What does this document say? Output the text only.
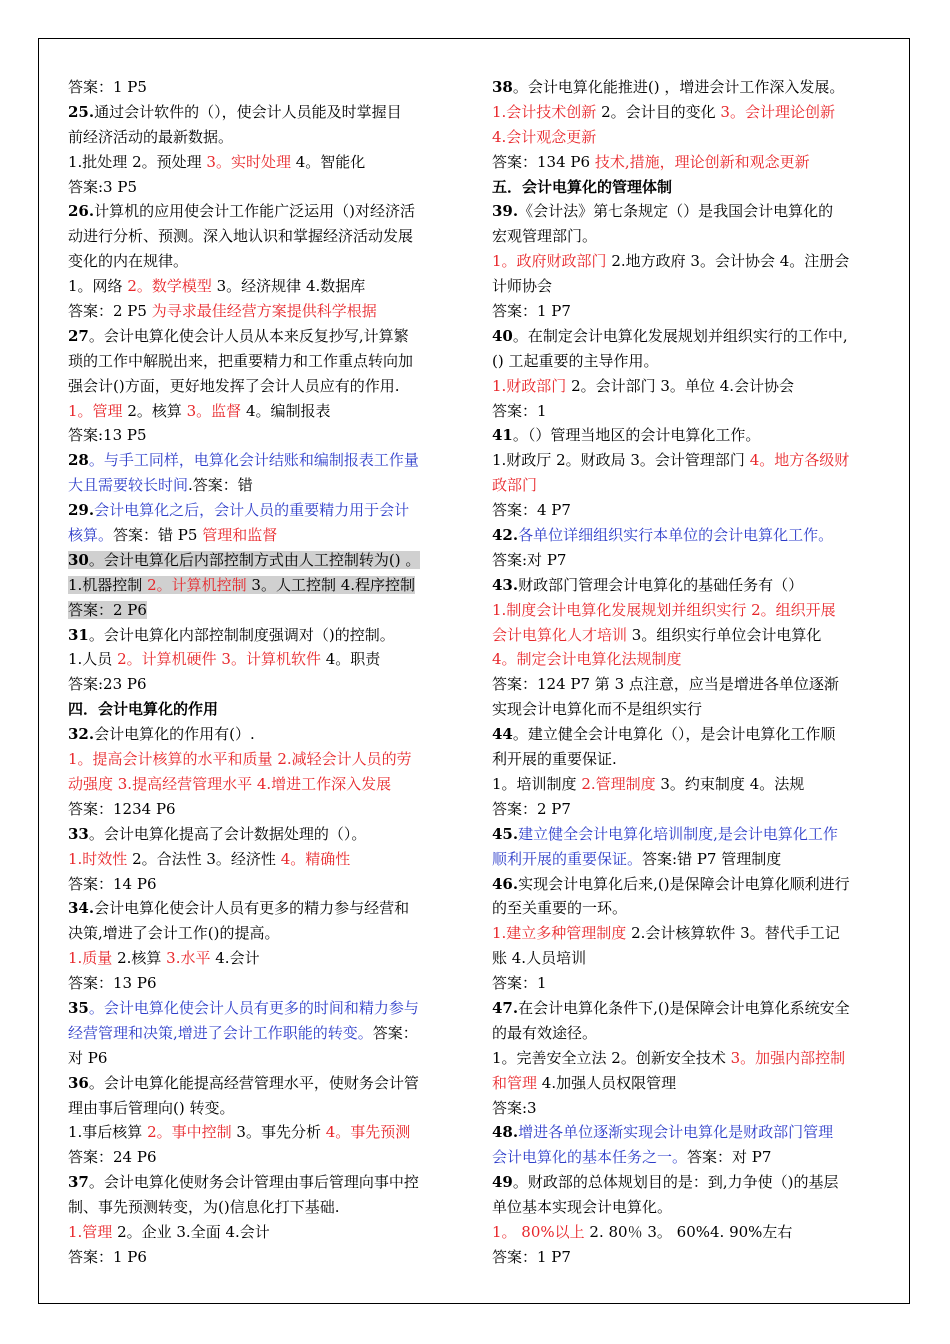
答案：1 P5
25.通过会计软件的（），使会计人员能及时掌握目
前经济活动的最新数据。
1.批处理 2。预处理 3。实时处理 4。智能化
答案:3 P5
26.计算机的应用使会计工作能广泛运用（)对经济活
动进行分析、预测。深入地认识和掌握经济活动发展
变化的内在规律。
1。网络 2。数学模型 3。经济规律 4.数据库
答案：2 P5 为寻求最佳经营方案提供科学根据
27。会计电算化使会计人员从本来反复抄写,计算繁
琐的工作中解脱出来，把重要精力和工作重点转向加
强会计()方面，更好地发挥了会计人员应有的作用.
1。管理 2。核算 3。监督 4。编制报表
答案:13 P5
28。与手工同样，电算化会计结账和编制报表工作量
大且需要较长时间.答案：错
29.会计电算化之后，会计人员的重要精力用于会计
核算。答案：错 P5 管理和监督
30。会计电算化后内部控制方式由人工控制转为() 。
1.机器控制 2。计算机控制 3。人工控制 4.程序控制
答案：2 P6
31。会计电算化内部控制制度强调对（)的控制。
1.人员 2。计算机硬件 3。计算机软件 4。职责
答案:23 P6
四．会计电算化的作用
32.会计电算化的作用有(）.
1。提高会计核算的水平和质量 2.减轻会计人员的劳
动强度 3.提高经营管理水平 4.增进工作深入发展
答案：1234 P6
33。会计电算化提高了会计数据处理的（）。
1.时效性 2。合法性 3。经济性 4。精确性
答案：14 P6
34.会计电算化使会计人员有更多的精力参与经营和
决策,增进了会计工作()的提高。
1.质量 2.核算 3.水平 4.会计
答案：13 P6
35。会计电算化使会计人员有更多的时间和精力参与
经营管理和决策,增进了会计工作职能的转变。答案：
对 P6
36。会计电算化能提高经营管理水平，使财务会计管
理由事后管理向() 转变。
1.事后核算 2。事中控制 3。事先分析 4。事先预测
答案：24 P6
37。会计电算化使财务会计管理由事后管理向事中控
制、事先预测转变，为()信息化打下基础.
1.管理 2。企业 3.全面 4.会计
答案：1 P6
38。会计电算化能推进() ，增进会计工作深入发展。
1.会计技术创新 2。会计目的变化 3。会计理论创新
4.会计观念更新
答案：134 P6 技术,措施，理论创新和观念更新
五．会计电算化的管理体制
39.《会计法》第七条规定（）是我国会计电算化的
宏观管理部门。
1。政府财政部门 2.地方政府 3。会计协会 4。注册会
计师协会
答案：1 P7
40。在制定会计电算化发展规划并组织实行的工作中,
() 工起重要的主导作用。
1.财政部门 2。会计部门 3。单位 4.会计协会
答案：1
41。（）管理当地区的会计电算化工作。
1.财政厅 2。财政局 3。会计管理部门 4。地方各级财
政部门
答案：4 P7
42.各单位详细组织实行本单位的会计电算化工作。
答案:对 P7
43.财政部门管理会计电算化的基础任务有（）
1.制度会计电算化发展规划并组织实行 2。组织开展
会计电算化人才培训 3。组织实行单位会计电算化
4。制定会计电算化法规制度
答案：124 P7 第 3 点注意，应当是增进各单位逐渐
实现会计电算化而不是组织实行
44。建立健全会计电算化（），是会计电算化工作顺
利开展的重要保证.
1。培训制度 2.管理制度 3。约束制度 4。法规
答案：2 P7
45.建立健全会计电算化培训制度,是会计电算化工作
顺利开展的重要保证。答案:错 P7 管理制度
46.实现会计电算化后来,()是保障会计电算化顺利进行
的至关重要的一环。
1.建立多种管理制度 2.会计核算软件 3。替代手工记
账 4.人员培训
答案：1
47.在会计电算化条件下,()是保障会计电算化系统安全
的最有效途径。
1。完善安全立法 2。创新安全技术 3。加强内部控制
和管理 4.加强人员权限管理
答案:3
48.增进各单位逐渐实现会计电算化是财政部门管理
会计电算化的基本任务之一。答案：对 P7
49。财政部的总体规划目的是：到,力争使（)的基层
单位基本实现会计电算化。
1。 80%以上 2. 80％ 3。 60%4. 90%左右
答案：1 P7
